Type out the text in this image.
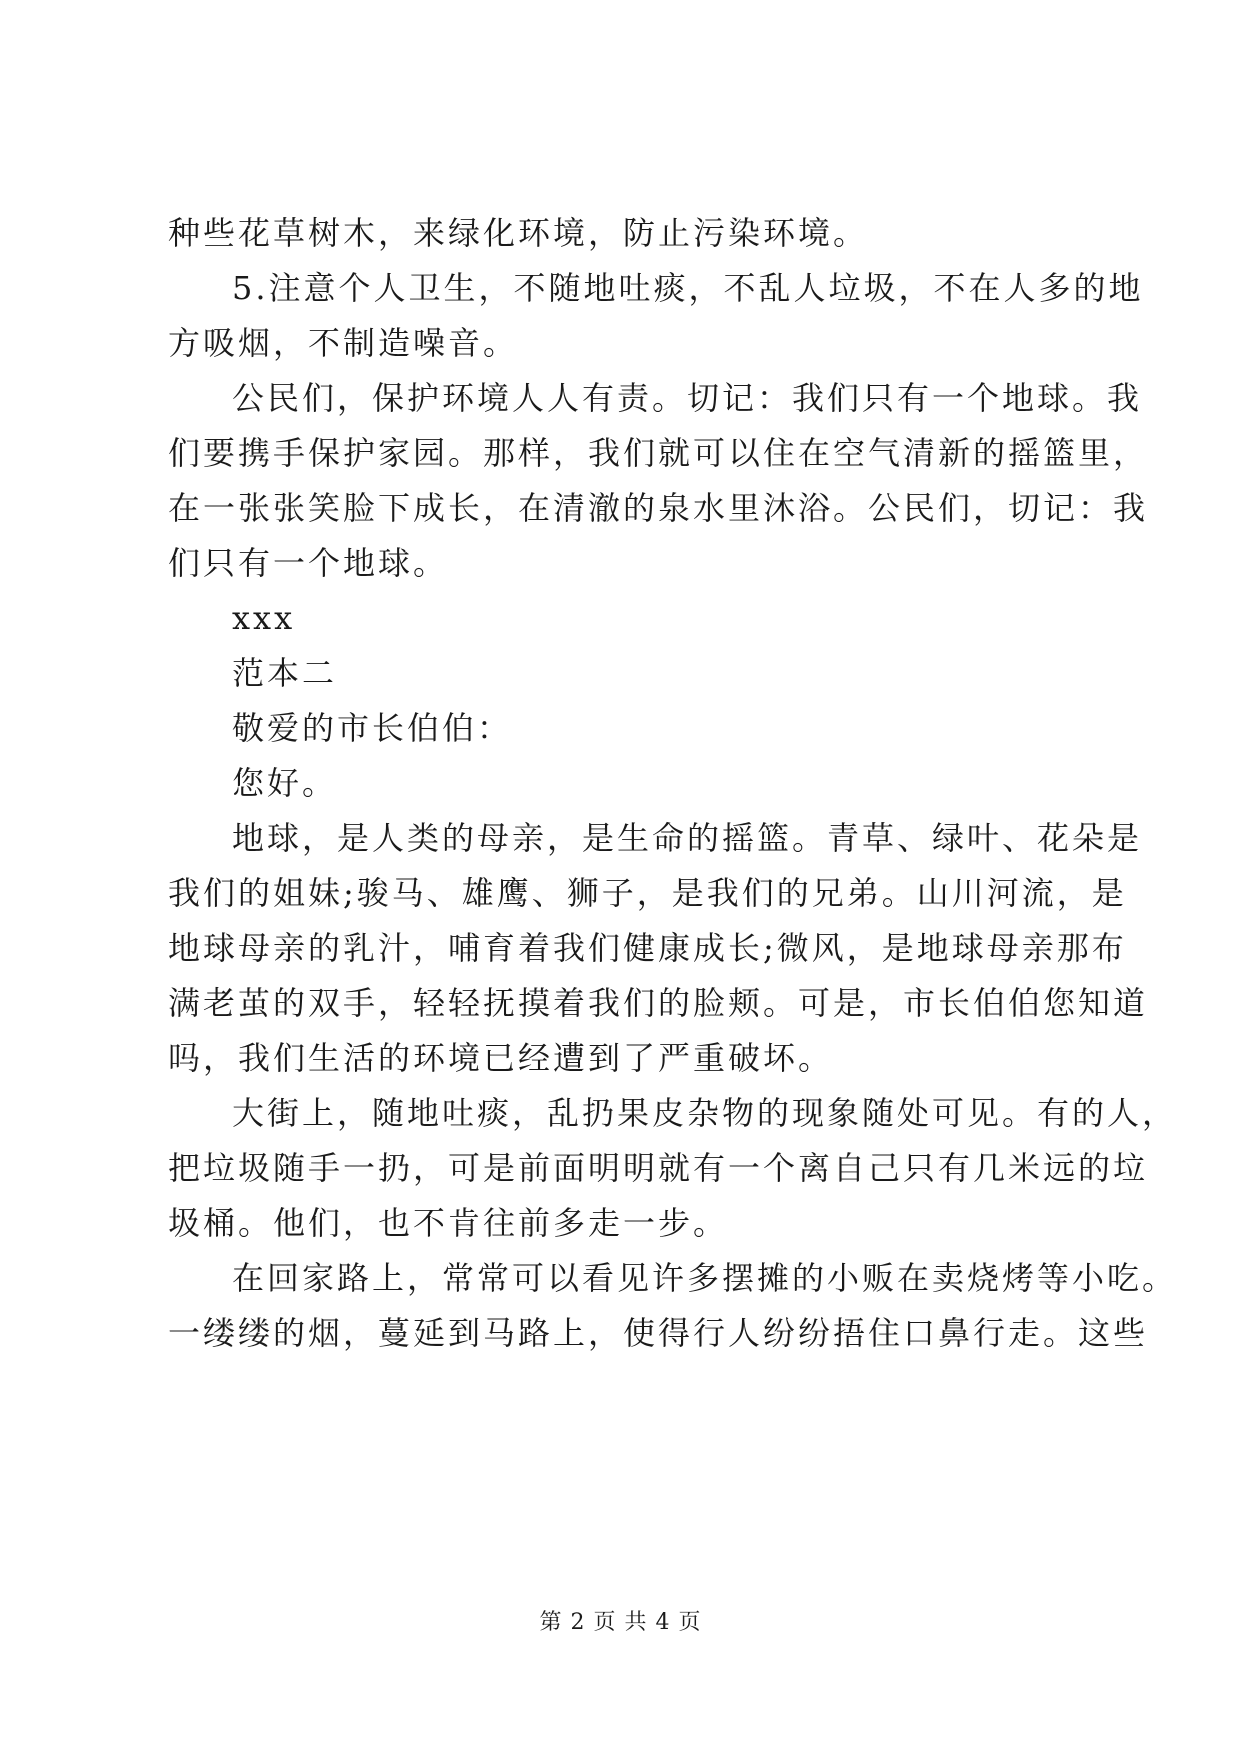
种些花草树木，来绿化环境，防止污染环境。
5.注意个人卫生，不随地吐痰，不乱人垃圾，不在人多的地
方吸烟，不制造噪音。
公民们，保护环境人人有责。切记：我们只有一个地球。我
们要携手保护家园。那样，我们就可以住在空气清新的摇篮里，
在一张张笑脸下成长，在清澈的泉水里沐浴。公民们，切记：我
们只有一个地球。
xxx
范本二
敬爱的市长伯伯：
您好。
地球，是人类的母亲，是生命的摇篮。青草、绿叶、花朵是
我们的姐妹;骏马、雄鹰、狮子，是我们的兄弟。山川河流，是
地球母亲的乳汁，哺育着我们健康成长;微风，是地球母亲那布
满老茧的双手，轻轻抚摸着我们的脸颊。可是，市长伯伯您知道
吗，我们生活的环境已经遭到了严重破坏。
大街上，随地吐痰，乱扔果皮杂物的现象随处可见。有的人，
把垃圾随手一扔，可是前面明明就有一个离自己只有几米远的垃
圾桶。他们，也不肯往前多走一步。
在回家路上，常常可以看见许多摆摊的小贩在卖烧烤等小吃。
一缕缕的烟，蔓延到马路上，使得行人纷纷捂住口鼻行走。这些
第 2 页 共 4 页
